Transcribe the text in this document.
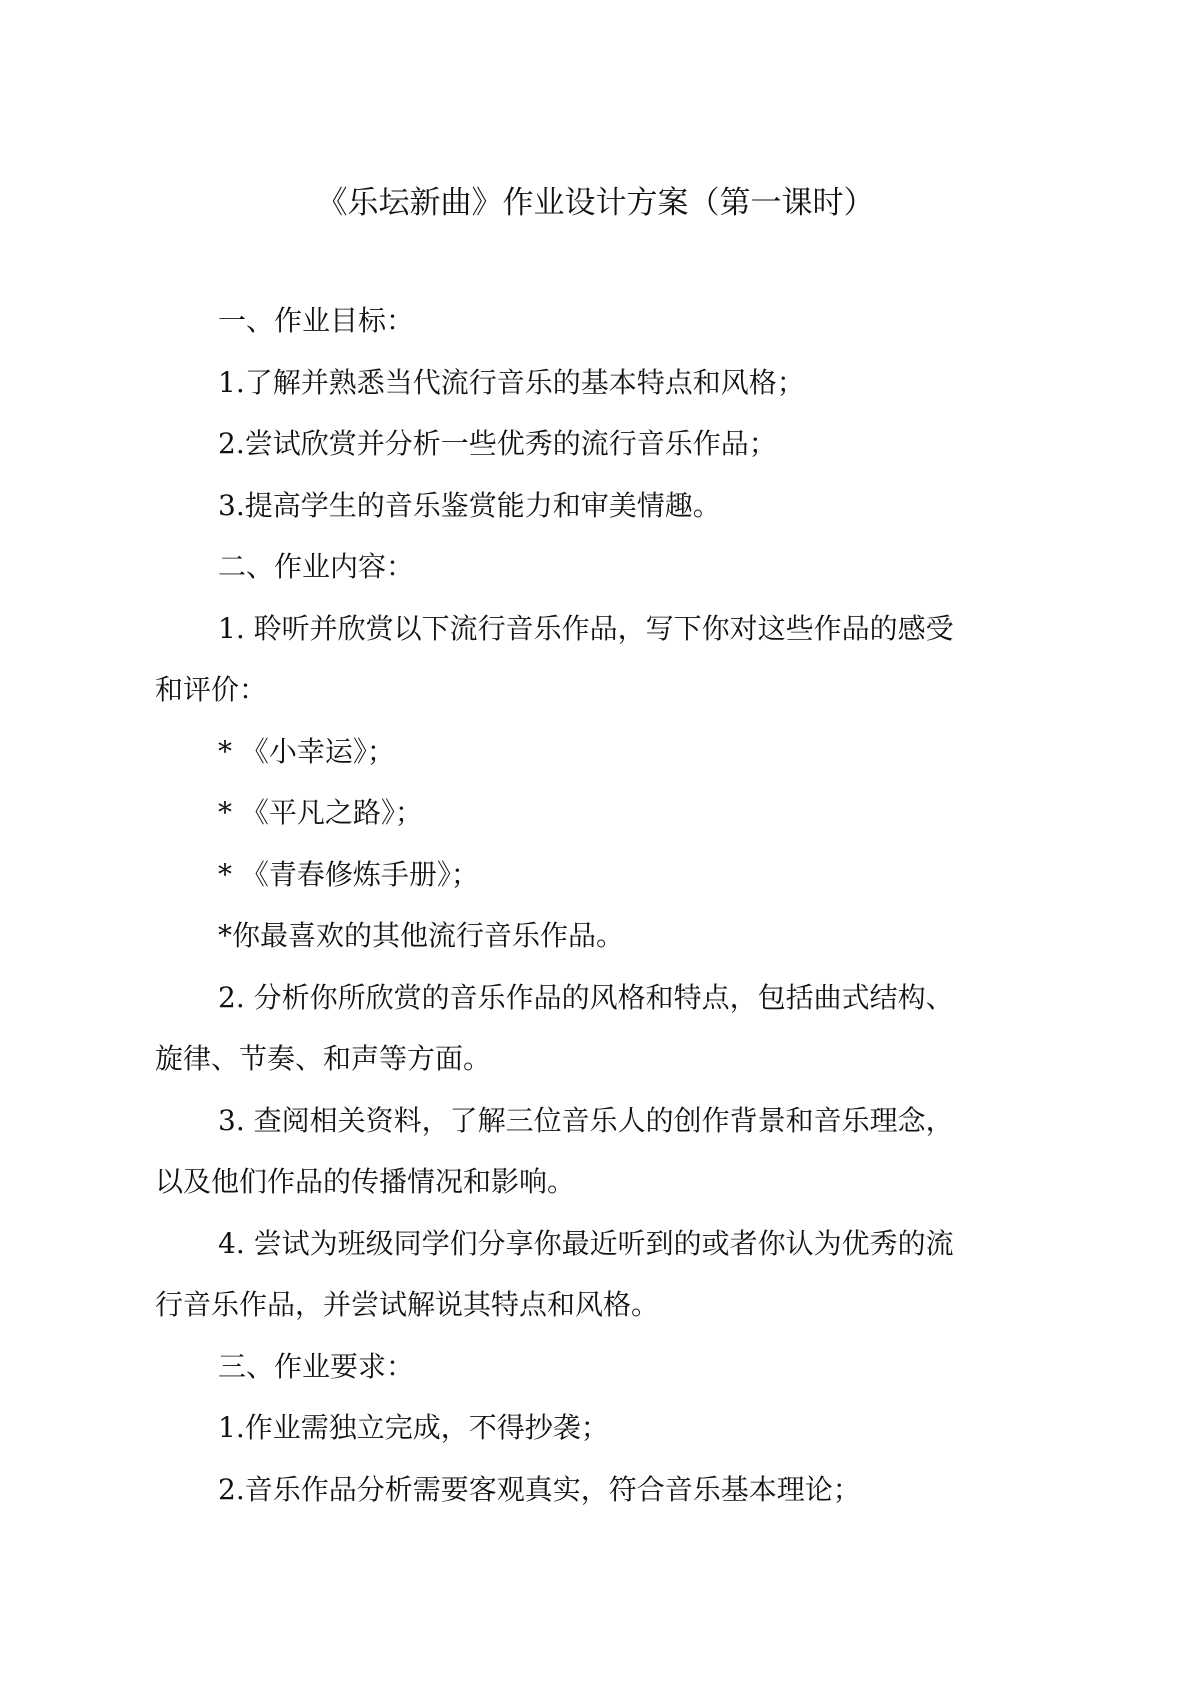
《乐坛新曲》作业设计方案（第一课时）
一、作业目标：
1.了解并熟悉当代流行音乐的基本特点和风格；
2.尝试欣赏并分析一些优秀的流行音乐作品；
3.提高学生的音乐鉴赏能力和审美情趣。
二、作业内容：
1. 聆听并欣赏以下流行音乐作品，写下你对这些作品的感受
和评价：
* 《小幸运》；
* 《平凡之路》；
* 《青春修炼手册》；
*你最喜欢的其他流行音乐作品。
2. 分析你所欣赏的音乐作品的风格和特点，包括曲式结构、
旋律、节奏、和声等方面。
3. 查阅相关资料，了解三位音乐人的创作背景和音乐理念，
以及他们作品的传播情况和影响。
4. 尝试为班级同学们分享你最近听到的或者你认为优秀的流
行音乐作品，并尝试解说其特点和风格。
三、作业要求：
1.作业需独立完成，不得抄袭；
2.音乐作品分析需要客观真实，符合音乐基本理论；
